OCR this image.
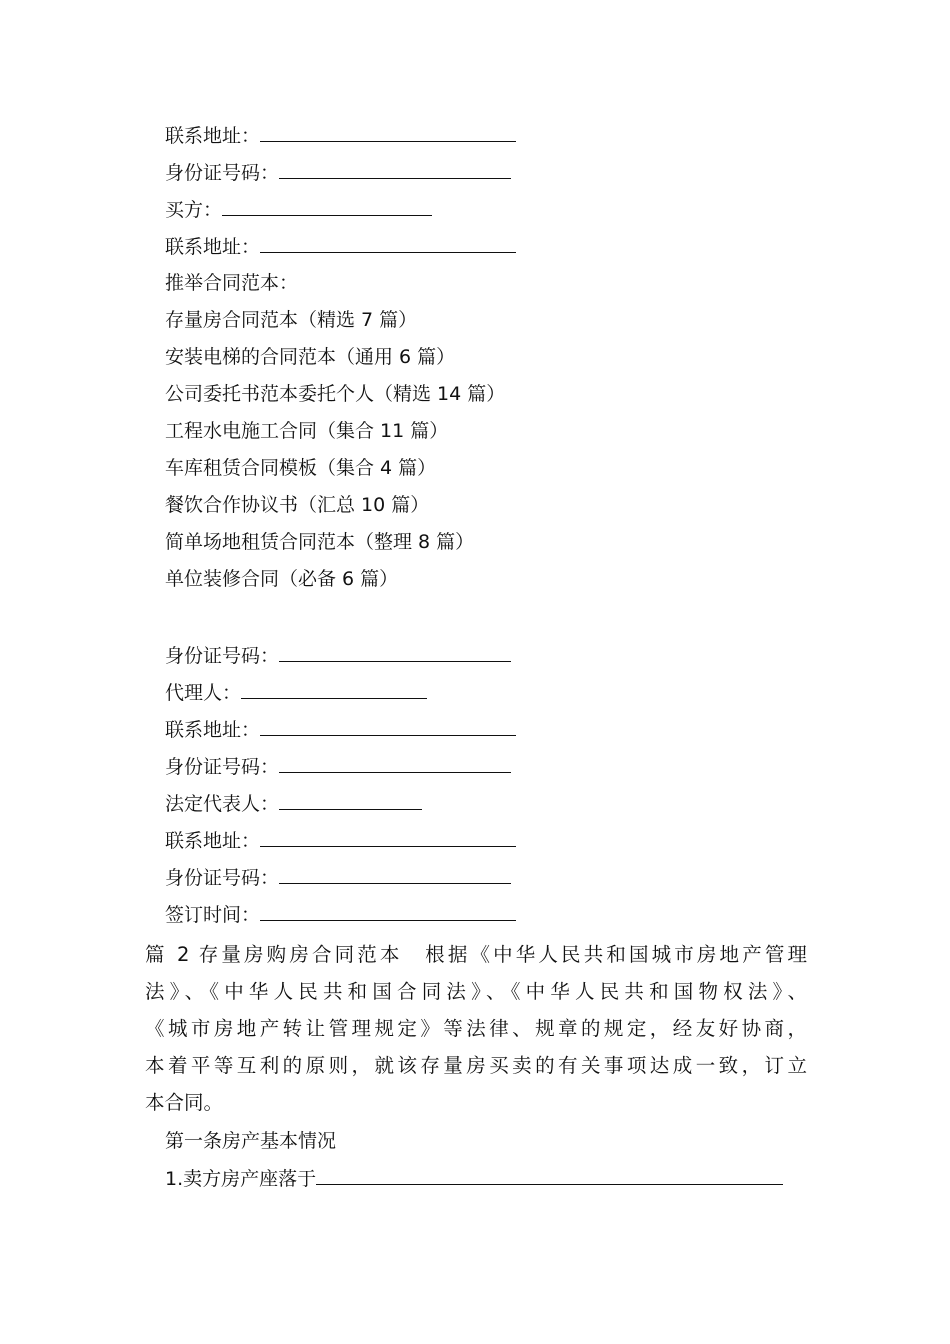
联系地址：
身份证号码：
买方：
联系地址：
推举合同范本：
存量房合同范本（精选 7 篇）
安装电梯的合同范本（通用 6 篇）
公司委托书范本委托个人（精选 14 篇）
工程水电施工合同（集合 11 篇）
车库租赁合同模板（集合 4 篇）
餐饮合作协议书（汇总 10 篇）
简单场地租赁合同范本（整理 8 篇）
单位装修合同（必备 6 篇）
身份证号码：
代理人：
联系地址：
身份证号码：
法定代表人：
联系地址：
身份证号码：
签订时间：
篇 2 存量房购房合同范本　根据《中华人民共和国城市房地产管理
法》、《中华人民共和国合同法》、《中华人民共和国物权法》、
《城市房地产转让管理规定》等法律、规章的规定，经友好协商，
本着平等互利的原则，就该存量房买卖的有关事项达成一致，订立
本合同。
第一条房产基本情况
1.卖方房产座落于
